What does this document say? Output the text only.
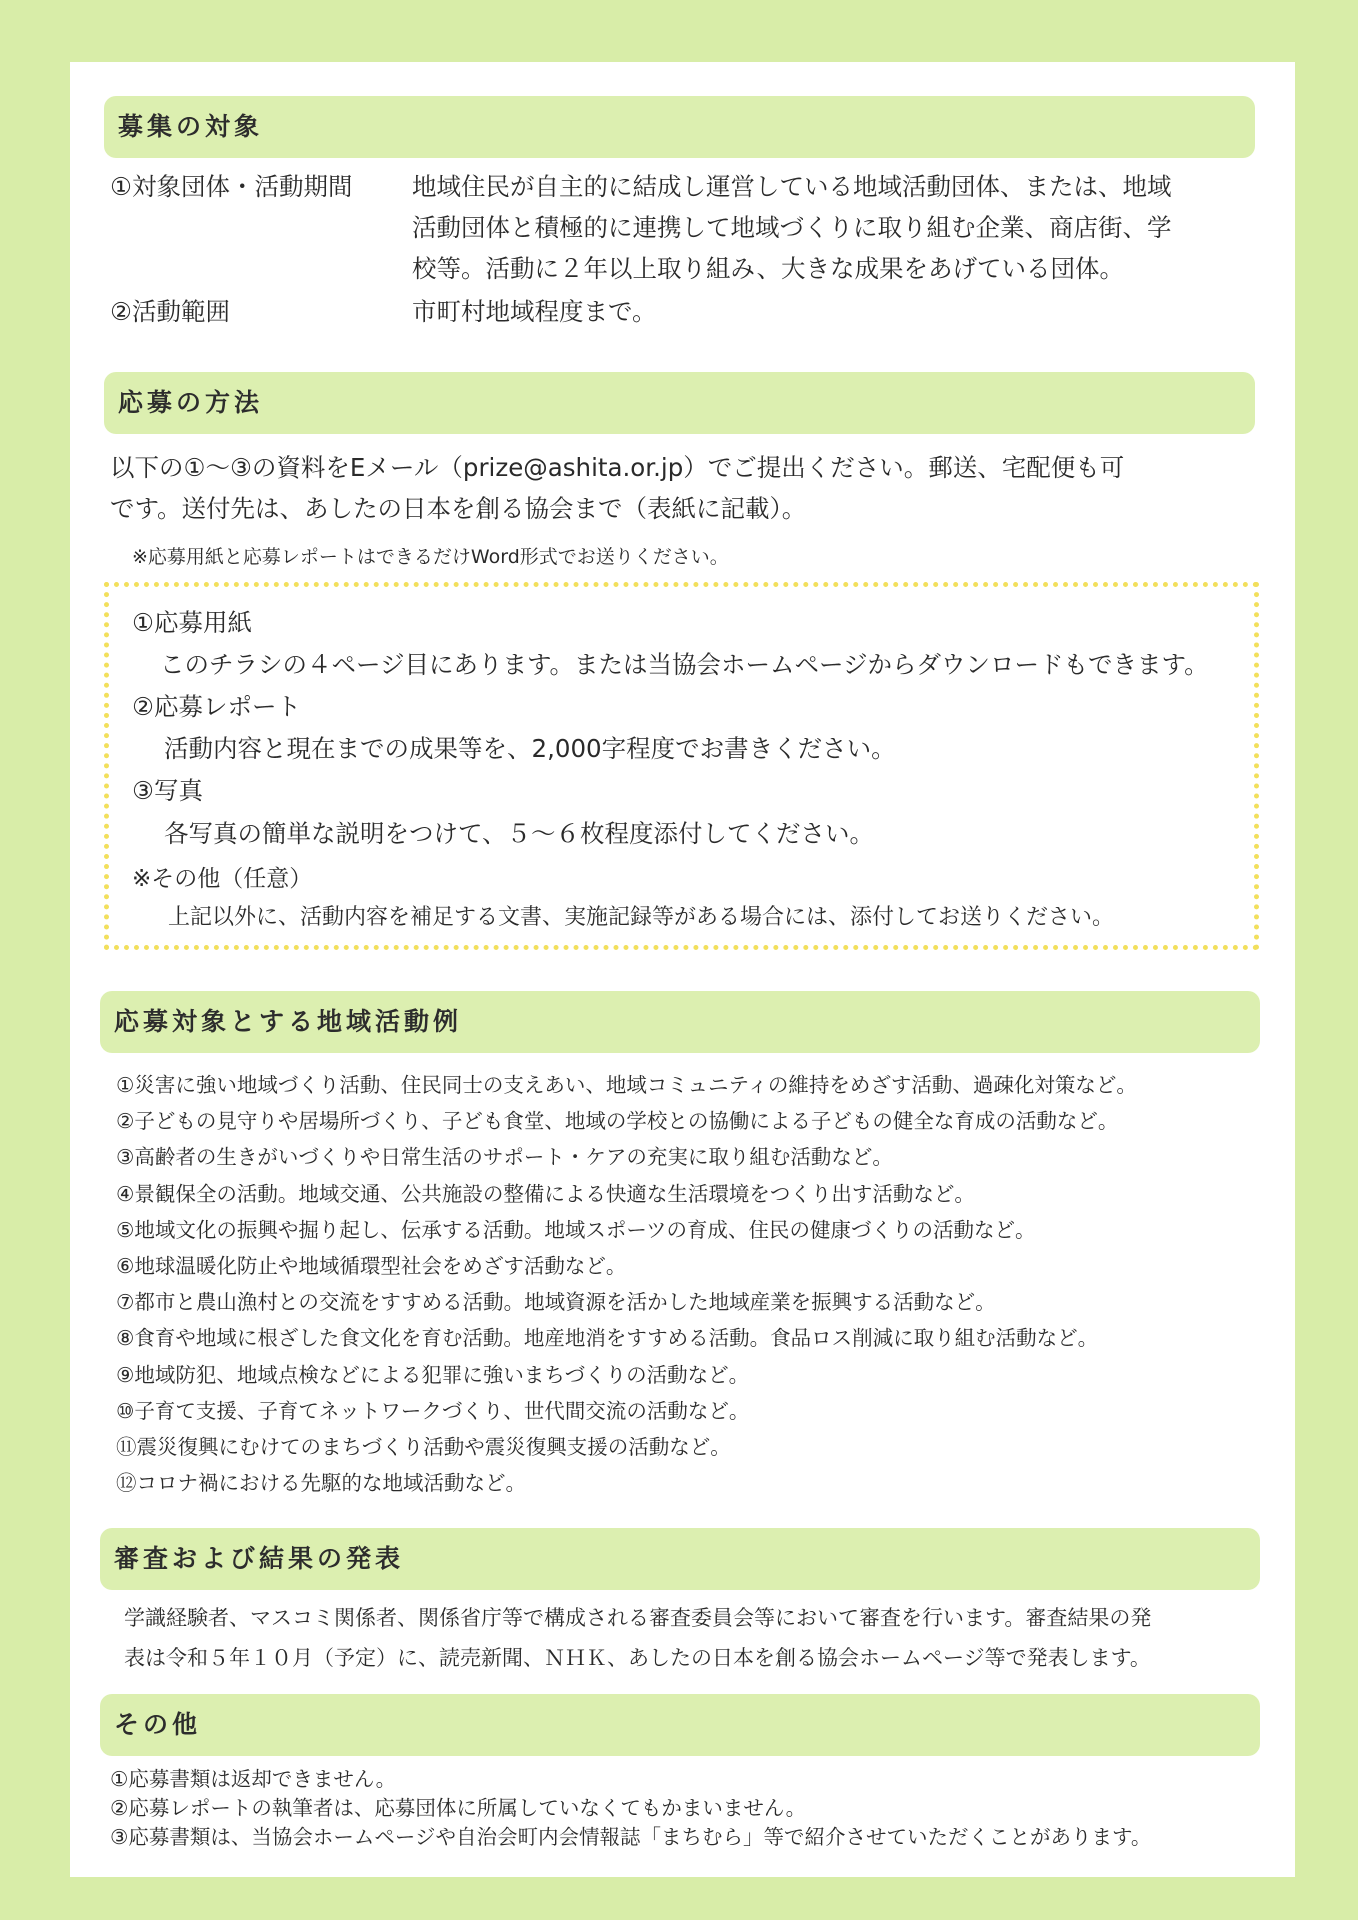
募集の対象
①対象団体・活動期間 地域住民が自主的に結成し運営している地域活動団体、または、地域
活動団体と積極的に連携して地域づくりに取り組む企業、商店街、学
校等。活動に２年以上取り組み、大きな成果をあげている団体。
②活動範囲	市町村地域程度まで。
応募の方法
以下の①～③の資料をEメール（prize@ashita.or.jp）でご提出ください。郵送、宅配便も可
です。送付先は、あしたの日本を創る協会まで（表紙に記載）。
※応募用紙と応募レポートはできるだけWord形式でお送りください。
①応募用紙
このチラシの４ページ目にあります。または当協会ホームページからダウンロードもできます。
②応募レポート
活動内容と現在までの成果等を、2,000字程度でお書きください。
③写真
各写真の簡単な説明をつけて、５～６枚程度添付してください。
※その他（任意）
上記以外に、活動内容を補足する文書、実施記録等がある場合には、添付してお送りください。
応募対象とする地域活動例
①災害に強い地域づくり活動、住民同士の支えあい、地域コミュニティの維持をめざす活動、過疎化対策など。
②子どもの見守りや居場所づくり、子ども食堂、地域の学校との協働による子どもの健全な育成の活動など。
③高齢者の生きがいづくりや日常生活のサポート・ケアの充実に取り組む活動など。
④景観保全の活動。地域交通、公共施設の整備による快適な生活環境をつくり出す活動など。
⑤地域文化の振興や掘り起し、伝承する活動。地域スポーツの育成、住民の健康づくりの活動など。
⑥地球温暖化防止や地域循環型社会をめざす活動など。
⑦都市と農山漁村との交流をすすめる活動。地域資源を活かした地域産業を振興する活動など。
⑧食育や地域に根ざした食文化を育む活動。地産地消をすすめる活動。食品ロス削減に取り組む活動など。
⑨地域防犯、地域点検などによる犯罪に強いまちづくりの活動など。
⑩子育て支援、子育てネットワークづくり、世代間交流の活動など。
⑪震災復興にむけてのまちづくり活動や震災復興支援の活動など。
⑫コロナ禍における先駆的な地域活動など。
審査および結果の発表
学識経験者、マスコミ関係者、関係省庁等で構成される審査委員会等において審査を行います。審査結果の発
表は令和５年１０月（予定）に、読売新聞、ＮＨＫ、あしたの日本を創る協会ホームページ等で発表します。
その他
①応募書類は返却できません。
②応募レポートの執筆者は、応募団体に所属していなくてもかまいません。
③応募書類は、当協会ホームページや自治会町内会情報誌「まちむら」等で紹介させていただくことがあります。
